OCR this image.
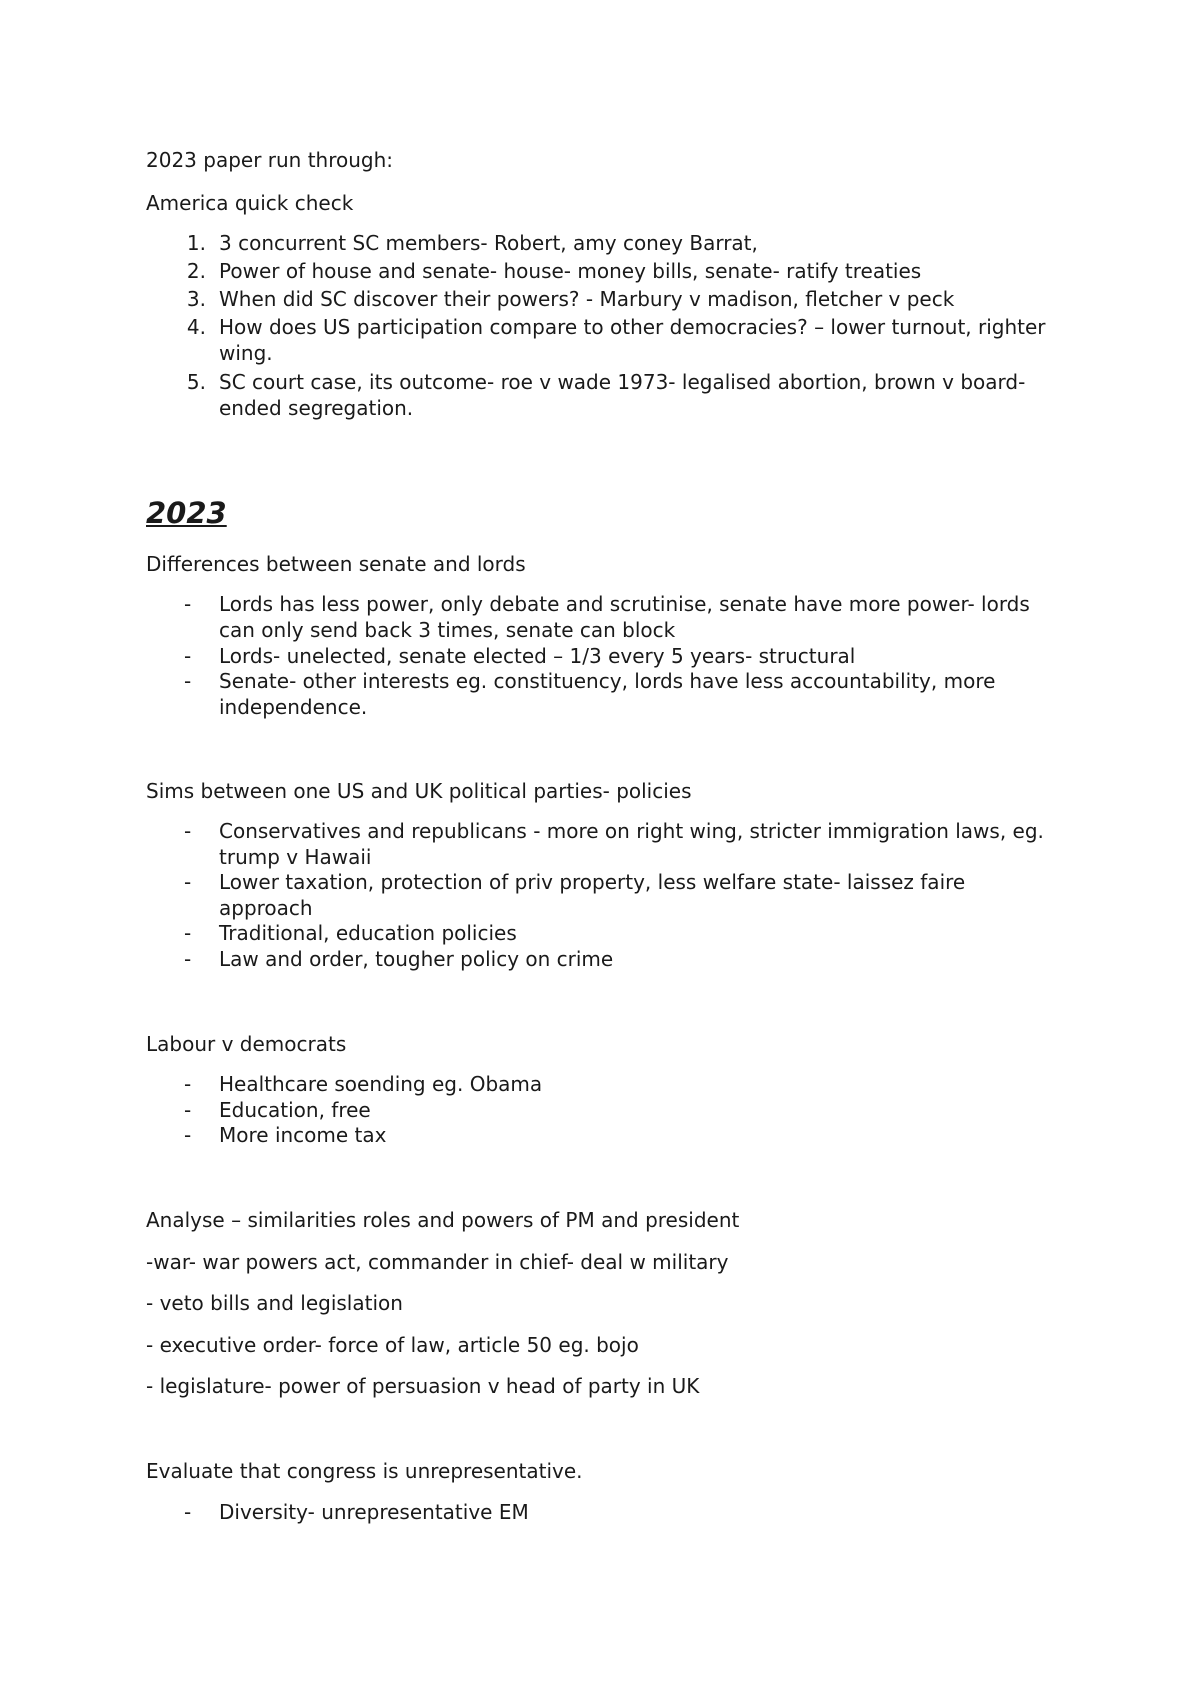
2023 paper run through:
America quick check
1. 3 concurrent SC members- Robert, amy coney Barrat,
2. Power of house and senate- house- money bills, senate- ratify treaties
3. When did SC discover their powers? - Marbury v madison, fletcher v peck
4. How does US participation compare to other democracies? – lower turnout, righter wing.
5. SC court case, its outcome- roe v wade 1973- legalised abortion, brown v board- ended segregation.
2023
Differences between senate and lords
-	Lords has less power, only debate and scrutinise, senate have more power- lords can only send back 3 times, senate can block
-	Lords- unelected, senate elected – 1/3 every 5 years- structural
-	Senate- other interests eg. constituency, lords have less accountability, more independence.
Sims between one US and UK political parties- policies
-	Conservatives and republicans - more on right wing, stricter immigration laws, eg. trump v Hawaii
-	Lower taxation, protection of priv property, less welfare state- laissez faire approach
-	Traditional, education policies
-	Law and order, tougher policy on crime
Labour v democrats
-	Healthcare soending eg. Obama
-	Education, free
-	More income tax
Analyse – similarities roles and powers of PM and president
-war- war powers act, commander in chief- deal w military
- veto bills and legislation
- executive order- force of law, article 50 eg. bojo
- legislature- power of persuasion v head of party in UK
Evaluate that congress is unrepresentative.
-	Diversity- unrepresentative EM
